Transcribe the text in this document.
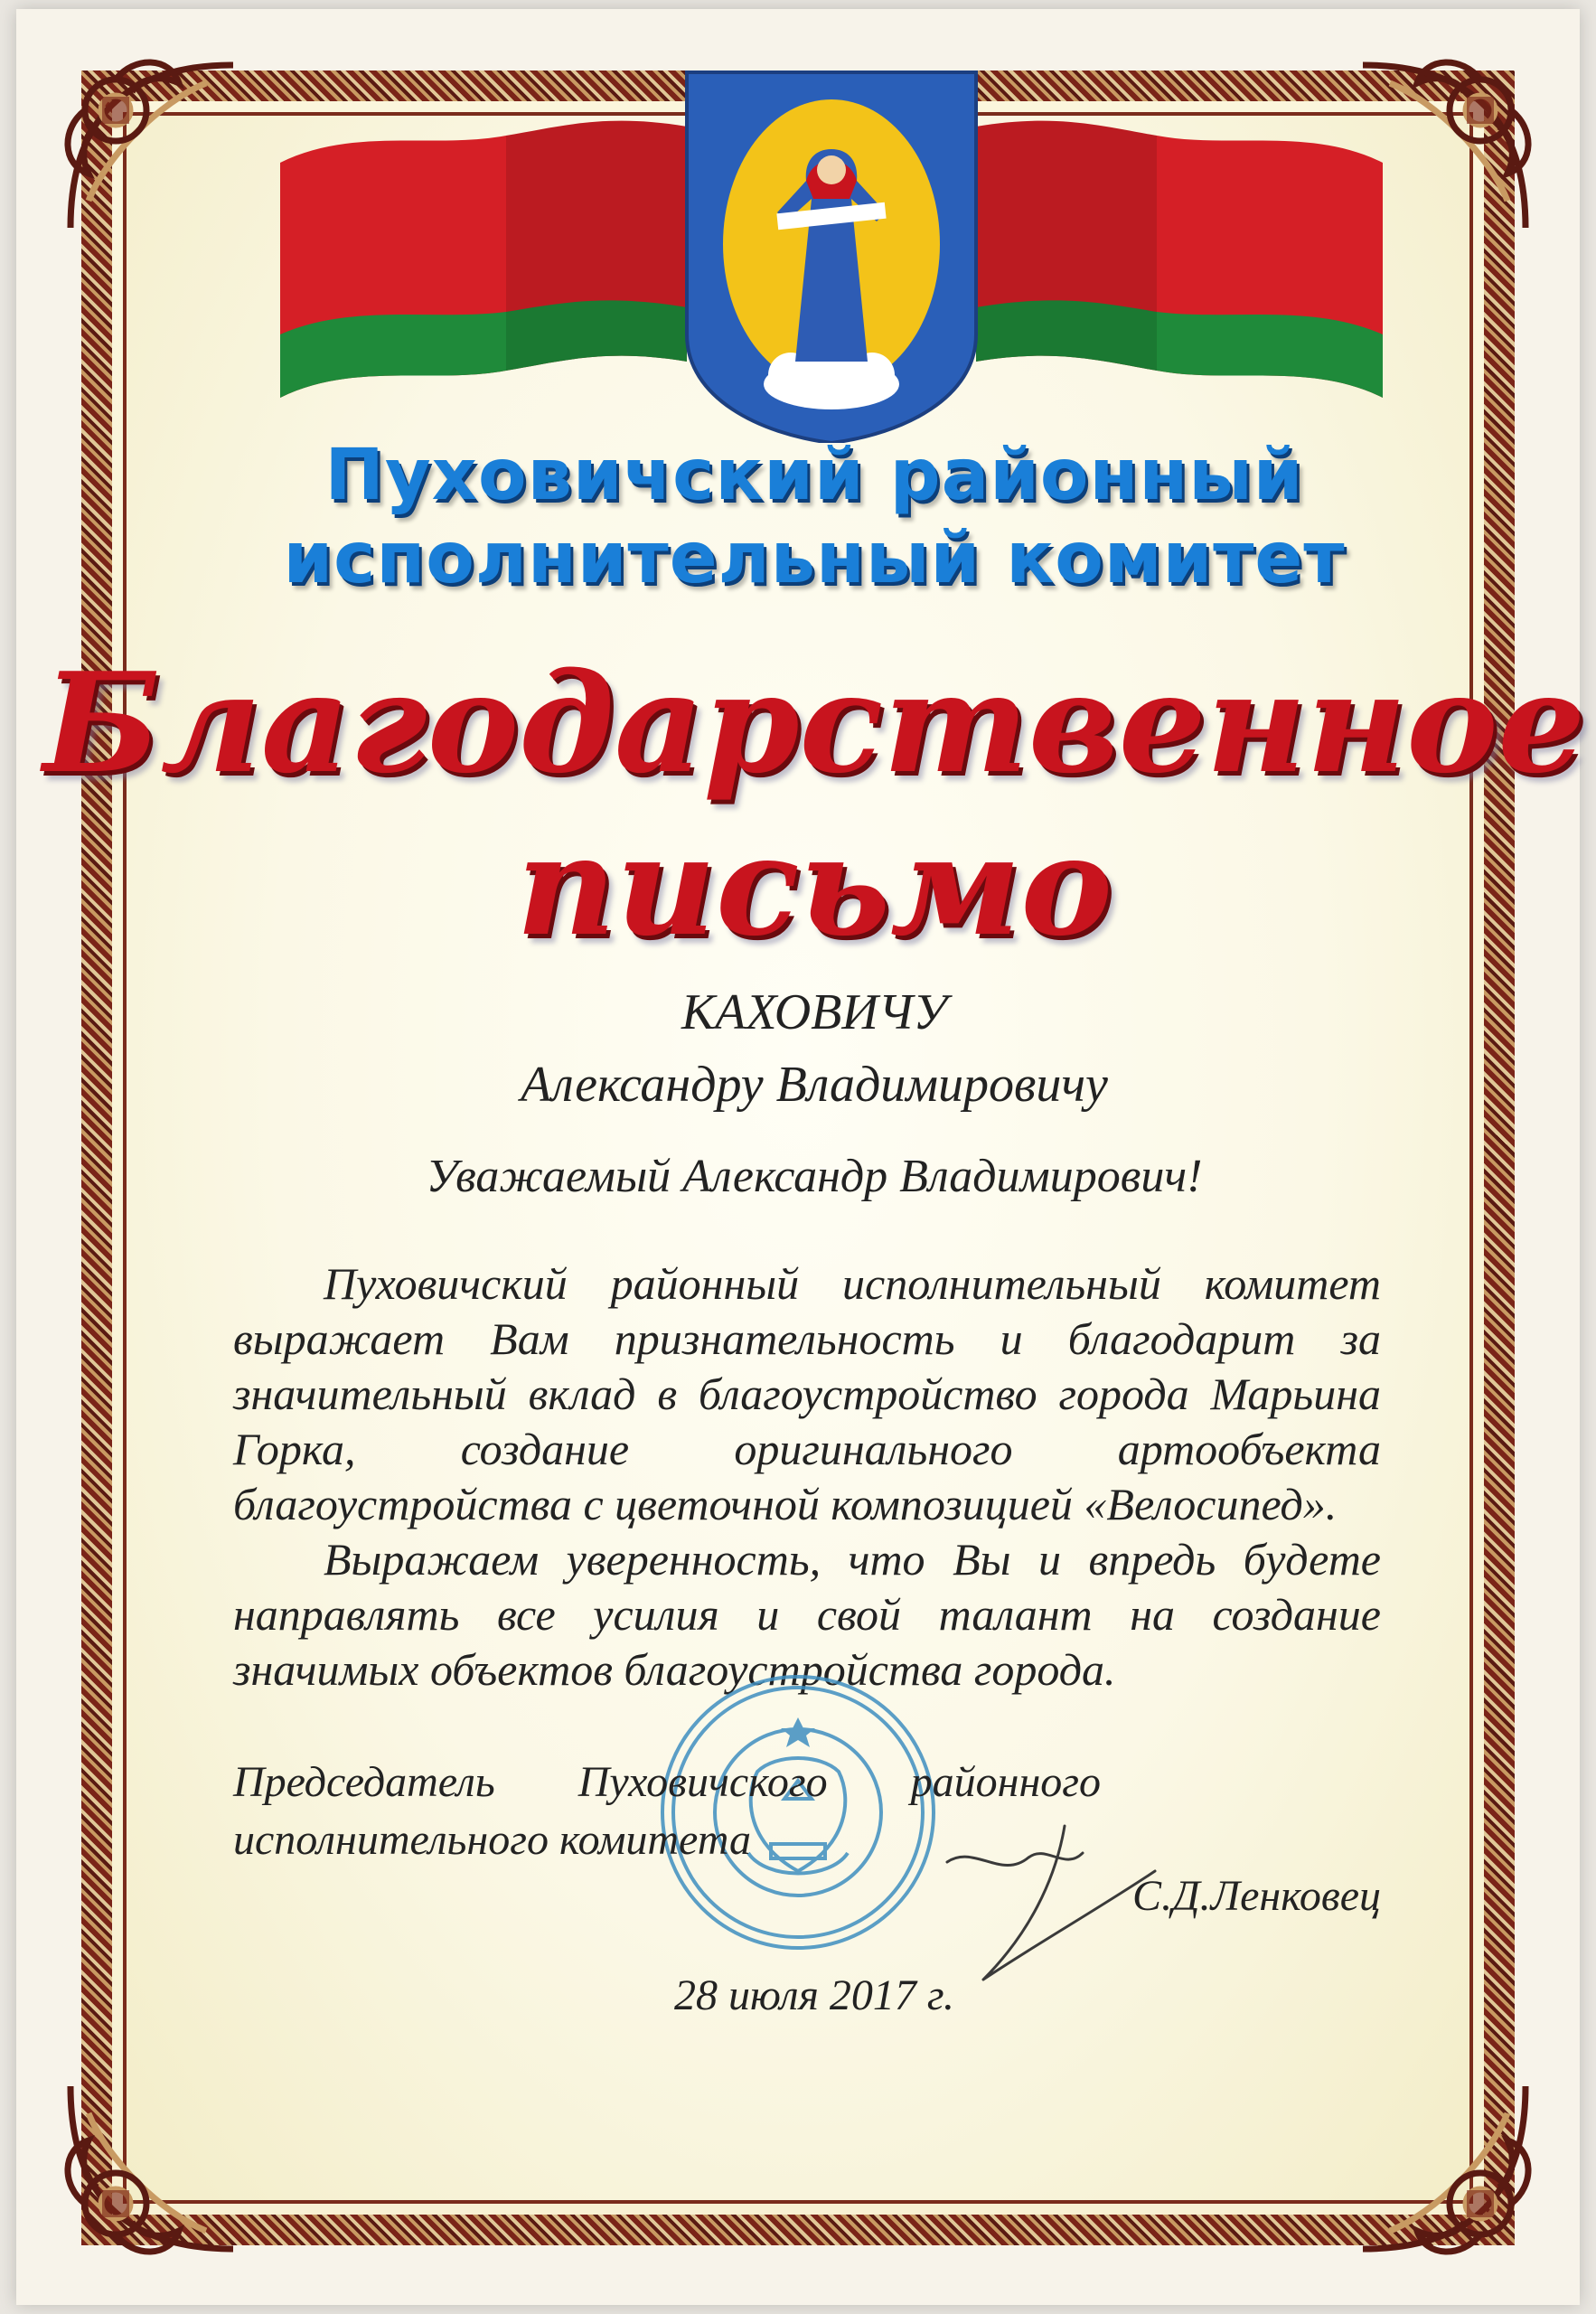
Пуховичский районный
исполнительный комитет
Благодарственное
письмо
КАХОВИЧУ
Александру Владимировичу
Уважаемый Александр Владимирович!

Пуховичский районный исполнительный комитет выражает Вам признательность и благодарит за значительный вклад в благоустройство города Марьина Горка, создание оригинального артообъекта благоустройства с цветочной композицией «Велосипед».

Выражаем уверенность, что Вы и впредь будете направлять все усилия и свой талант на создание значимых объектов благоустройства города.

Председатель Пуховичского районного
исполнительного комитета
С.Д.Ленковец
28 июля 2017 г.
